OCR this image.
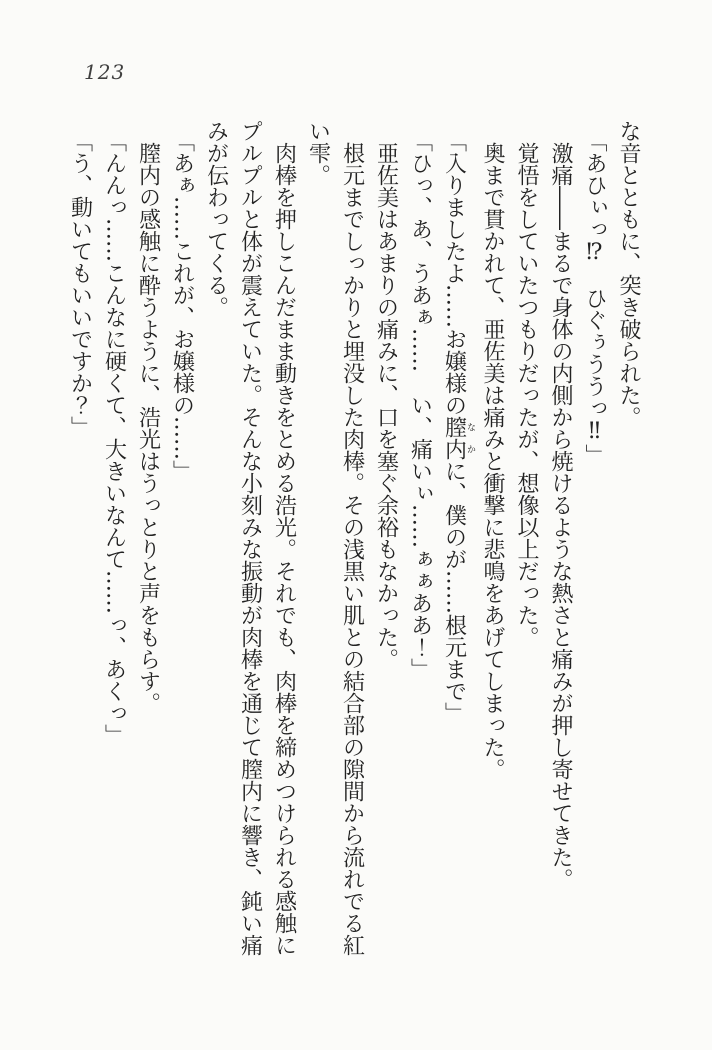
123

な音とともに、突き破られた。

「あひぃっ⁉　ひぐぅううっ‼」

激痛――まるで身体の内側から焼けるような熱さと痛みが押し寄せてきた。

覚悟をしていたつもりだったが、想像以上だった。

奥まで貫かれて、亜佐美は痛みと衝撃に悲鳴をあげてしまった。

「入りましたよ……お嬢様の膣内なかに、僕のが……根元まで」

「ひっ、あ、うあぁ……　い、痛いぃ……ぁぁああ！」

亜佐美はあまりの痛みに、口を塞ぐ余裕もなかった。

根元までしっかりと埋没した肉棒。その浅黒い肌との結合部の隙間から流れでる紅い雫。

肉棒を押しこんだまま動きをとめる浩光。それでも、肉棒を締めつけられる感触にプルプルと体が震えていた。そんな小刻みな振動が肉棒を通じて膣内に響き、鈍い痛みが伝わってくる。

「あぁ……これが、お嬢様の……」

膣内の感触に酔うように、浩光はうっとりと声をもらす。

「んんっ……こんなに硬くて、大きいなんて……っ、あくっ」

「う、動いてもいいですか？」
